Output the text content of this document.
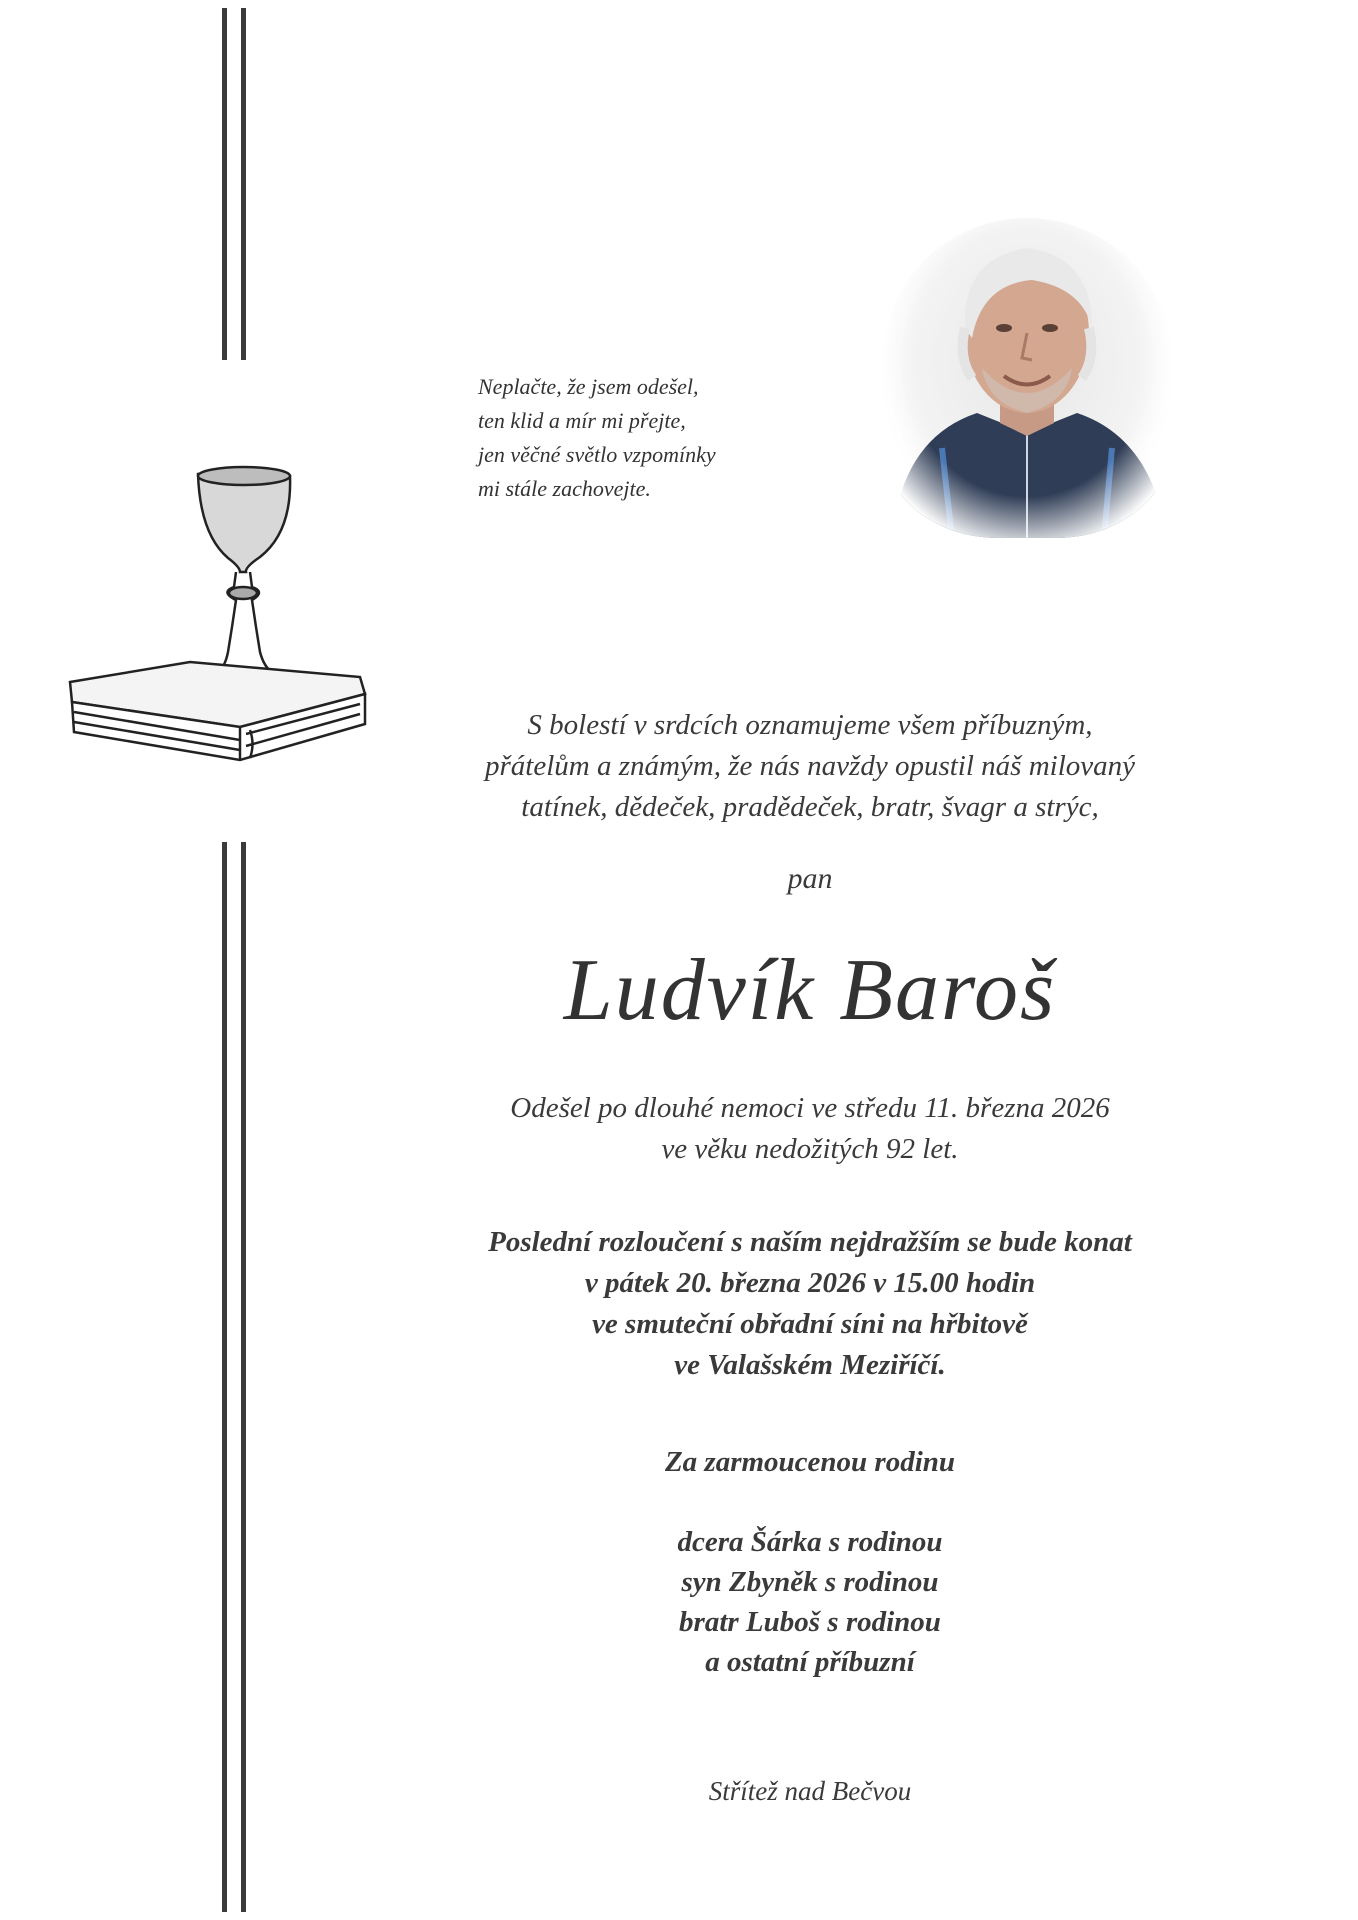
Neplačte, že jsem odešel,
ten klid a mír mi přejte,
jen věčné světlo vzpomínky
mi stále zachovejte.
S bolestí v srdcích oznamujeme všem příbuzným,
přátelům a známým, že nás navždy opustil náš milovaný
tatínek, dědeček, pradědeček, bratr, švagr a strýc,
pan
Ludvík Baroš
Odešel po dlouhé nemoci ve středu 11. března 2026
ve věku nedožitých 92 let.
Poslední rozloučení s naším nejdražším se bude konat
v pátek 20. března 2026 v 15.00 hodin
ve smuteční obřadní síni na hřbitově
ve Valašském Meziříčí.
Za zarmoucenou rodinu
dcera Šárka s rodinou
syn Zbyněk s rodinou
bratr Luboš s rodinou
a ostatní příbuzní
Střítež nad Bečvou
